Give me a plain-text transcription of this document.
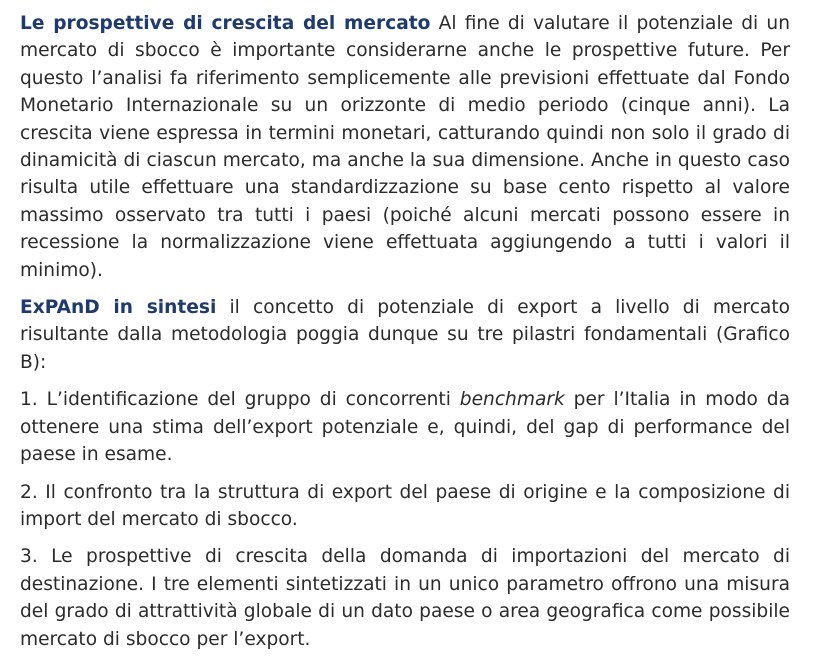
Le prospettive di crescita del mercato Al fine di valutare il potenziale di un mercato di sbocco è importante considerarne anche le prospettive future. Per questo l’analisi fa riferimento semplicemente alle previsioni effettuate dal Fondo Monetario Internazionale su un orizzonte di medio periodo (cinque anni). La crescita viene espressa in termini monetari, catturando quindi non solo il grado di dinamicità di ciascun mercato, ma anche la sua dimensione. Anche in questo caso risulta utile effettuare una standardizzazione su base cento rispetto al valore massimo osservato tra tutti i paesi (poiché alcuni mercati possono essere in recessione la normalizzazione viene effettuata aggiungendo a tutti i valori il minimo).

ExPAnD in sintesi il concetto di potenziale di export a livello di mercato risultante dalla metodologia poggia dunque su tre pilastri fondamentali (Grafico B):

1. L’identificazione del gruppo di concorrenti benchmark per l’Italia in modo da ottenere una stima dell’export potenziale e, quindi, del gap di performance del paese in esame.

2. Il confronto tra la struttura di export del paese di origine e la composizione di import del mercato di sbocco.

3. Le prospettive di crescita della domanda di importazioni del mercato di destinazione. I tre elementi sintetizzati in un unico parametro offrono una misura del grado di attrattività globale di un dato paese o area geografica come possibile mercato di sbocco per l’export.
